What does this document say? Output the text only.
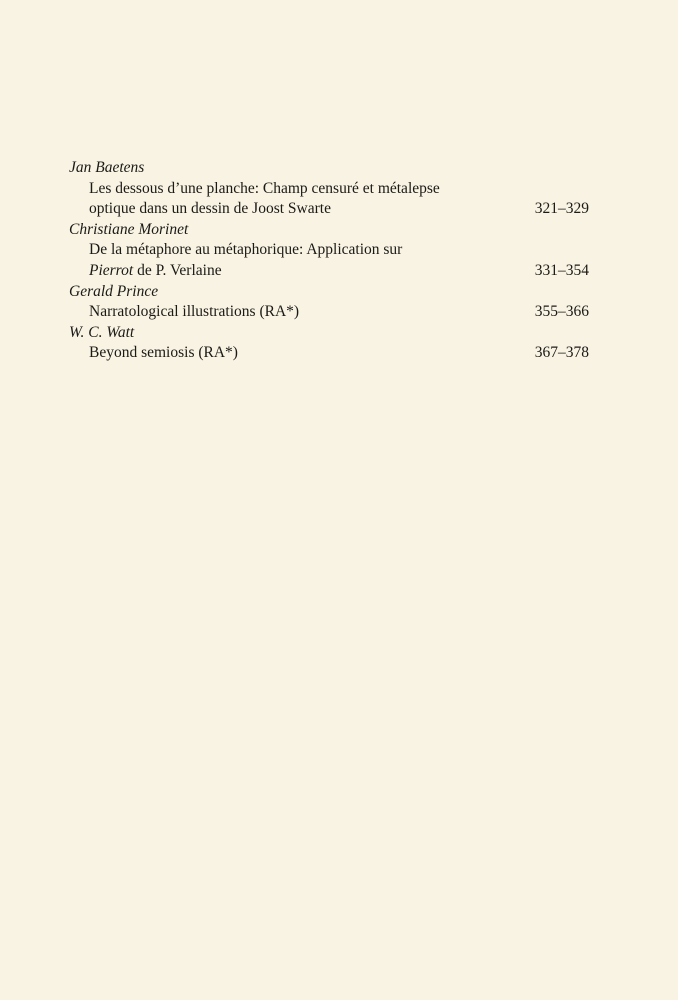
Jan Baetens
Les dessous d’une planche: Champ censuré et métalepse
optique dans un dessin de Joost Swarte	321–329
Christiane Morinet
De la métaphore au métaphorique: Application sur
Pierrot de P. Verlaine	331–354
Gerald Prince
Narratological illustrations (RA*)	355–366
W. C. Watt
Beyond semiosis (RA*)	367–378
